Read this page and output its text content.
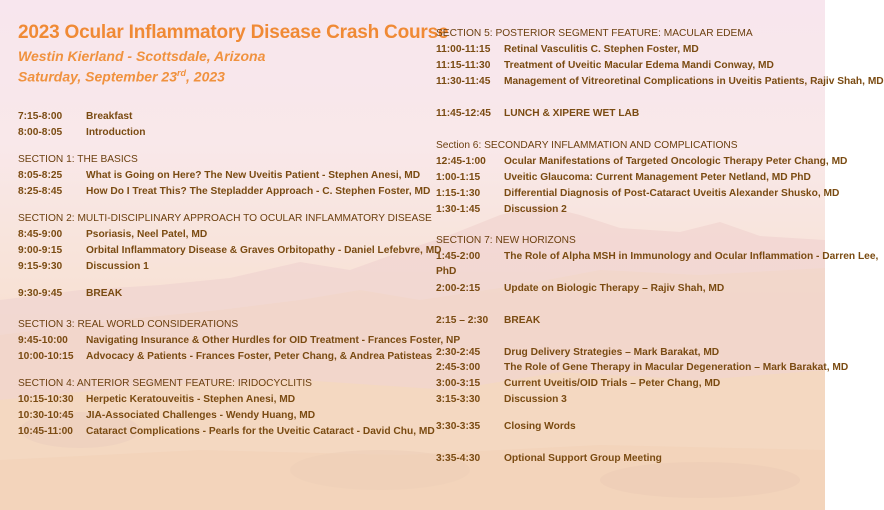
2023 Ocular Inflammatory Disease Crash Course
Westin Kierland - Scottsdale, Arizona
Saturday, September 23rd, 2023
7:15-8:00 Breakfast
8:00-8:05 Introduction
SECTION 1: THE BASICS
8:05-8:25 What is Going on Here? The New Uveitis Patient - Stephen Anesi, MD
8:25-8:45 How Do I Treat This? The Stepladder Approach - C. Stephen Foster, MD
SECTION 2: MULTI-DISCIPLINARY APPROACH TO OCULAR INFLAMMATORY DISEASE
8:45-9:00 Psoriasis, Neel Patel, MD
9:00-9:15 Orbital Inflammatory Disease & Graves Orbitopathy - Daniel Lefebvre, MD
9:15-9:30 Discussion 1
9:30-9:45 BREAK
SECTION 3: REAL WORLD CONSIDERATIONS
9:45-10:00 Navigating Insurance & Other Hurdles for OID Treatment - Frances Foster, NP
10:00-10:15 Advocacy & Patients - Frances Foster, Peter Chang, & Andrea Patisteas
SECTION 4: ANTERIOR SEGMENT FEATURE: IRIDOCYCLITIS
10:15-10:30 Herpetic Keratouveitis - Stephen Anesi, MD
10:30-10:45 JIA-Associated Challenges - Wendy Huang, MD
10:45-11:00 Cataract Complications - Pearls for the Uveitic Cataract - David Chu, MD
SECTION 5: POSTERIOR SEGMENT FEATURE: MACULAR EDEMA
11:00-11:15 Retinal Vasculitis C. Stephen Foster, MD
11:15-11:30 Treatment of Uveitic Macular Edema Mandi Conway, MD
11:30-11:45 Management of Vitreoretinal Complications in Uveitis Patients, Rajiv Shah, MD
11:45-12:45 LUNCH & XIPERE WET LAB
Section 6: SECONDARY INFLAMMATION AND COMPLICATIONS
12:45-1:00 Ocular Manifestations of Targeted Oncologic Therapy Peter Chang, MD
1:00-1:15 Uveitic Glaucoma: Current Management Peter Netland, MD PhD
1:15-1:30 Differential Diagnosis of Post-Cataract Uveitis Alexander Shusko, MD
1:30-1:45 Discussion 2
SECTION 7: NEW HORIZONS
1:45-2:00 The Role of Alpha MSH in Immunology and Ocular Inflammation - Darren Lee,
PhD
2:00-2:15 Update on Biologic Therapy – Rajiv Shah, MD
2:15 – 2:30 BREAK
2:30-2:45 Drug Delivery Strategies – Mark Barakat, MD
2:45-3:00 The Role of Gene Therapy in Macular Degeneration – Mark Barakat, MD
3:00-3:15 Current Uveitis/OID Trials – Peter Chang, MD
3:15-3:30 Discussion 3
3:30-3:35 Closing Words
3:35-4:30 Optional Support Group Meeting
